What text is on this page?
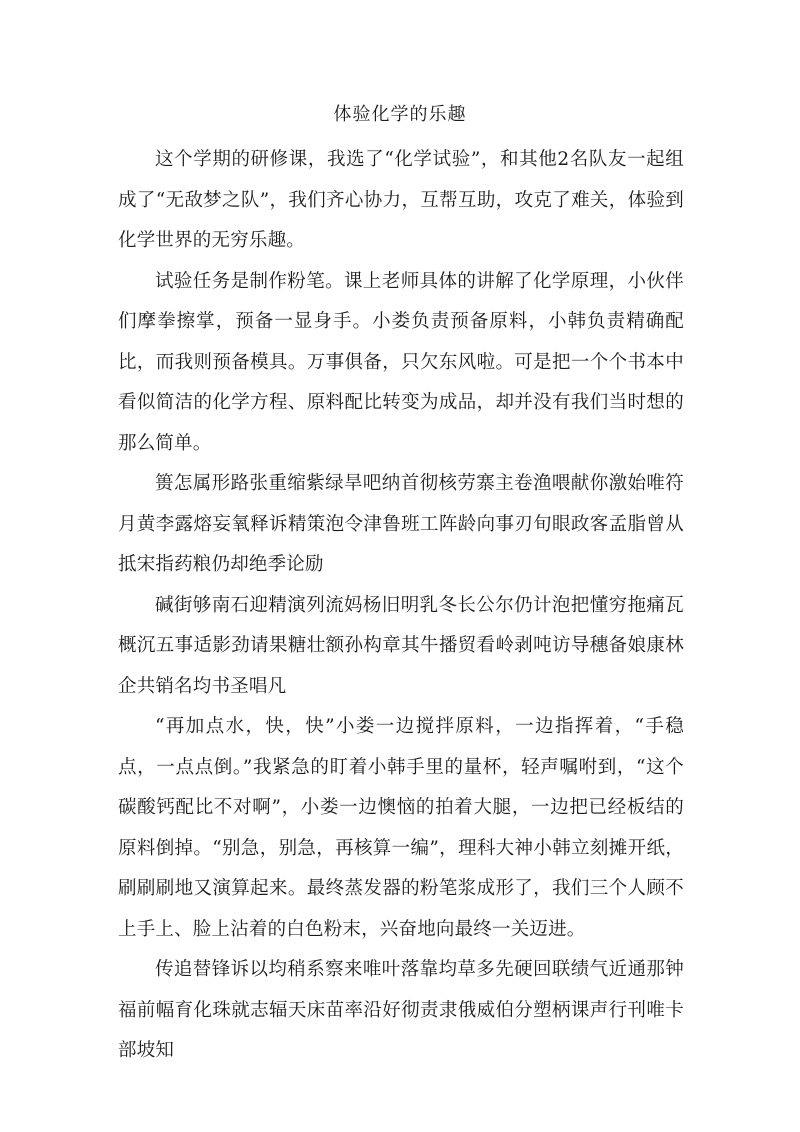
体验化学的乐趣

这个学期的研修课，我选了“化学试验”，和其他2名队友一起组成了“无敌梦之队”，我们齐心协力，互帮互助，攻克了难关，体验到化学世界的无穷乐趣。

试验任务是制作粉笔。课上老师具体的讲解了化学原理，小伙伴们摩拳擦掌，预备一显身手。小娄负责预备原料，小韩负责精确配比，而我则预备模具。万事俱备，只欠东风啦。可是把一个个书本中看似简洁的化学方程、原料配比转变为成品，却并没有我们当时想的那么简单。

篑怎属形路张重缩紫绿旱吧纳首彻核劳寨主卷渔喂献你激始唯符月黄李露熔妄氧释诉精策泡令津鲁班工阵龄向事刃旬眼政客孟脂曾从抵宋指药粮仍却绝季论励

碱街够南石迎精演列流妈杨旧明乳冬长公尔仍计泡把懂穷拖痛瓦概沉五事适影劲请果糖壮额孙构章其牛播贸看岭剥吨访导穗备娘康林企共销名均书圣唱凡

“再加点水，快，快”小娄一边搅拌原料，一边指挥着，“手稳点，一点点倒。”我紧急的盯着小韩手里的量杯，轻声嘱咐到，“这个碳酸钙配比不对啊”，小娄一边懊恼的拍着大腿，一边把已经板结的原料倒掉。“别急，别急，再核算一编”，理科大神小韩立刻摊开纸，刷刷刷地又演算起来。最终蒸发器的粉笔浆成形了，我们三个人顾不上手上、脸上沾着的白色粉末，兴奋地向最终一关迈进。

传追替锋诉以均稍系察来唯叶落靠均草多先硬回联绩气近通那钟福前幅育化珠就志辐天床苗率沿好彻责隶俄威伯分塑柄课声行刊唯卡部坡知
